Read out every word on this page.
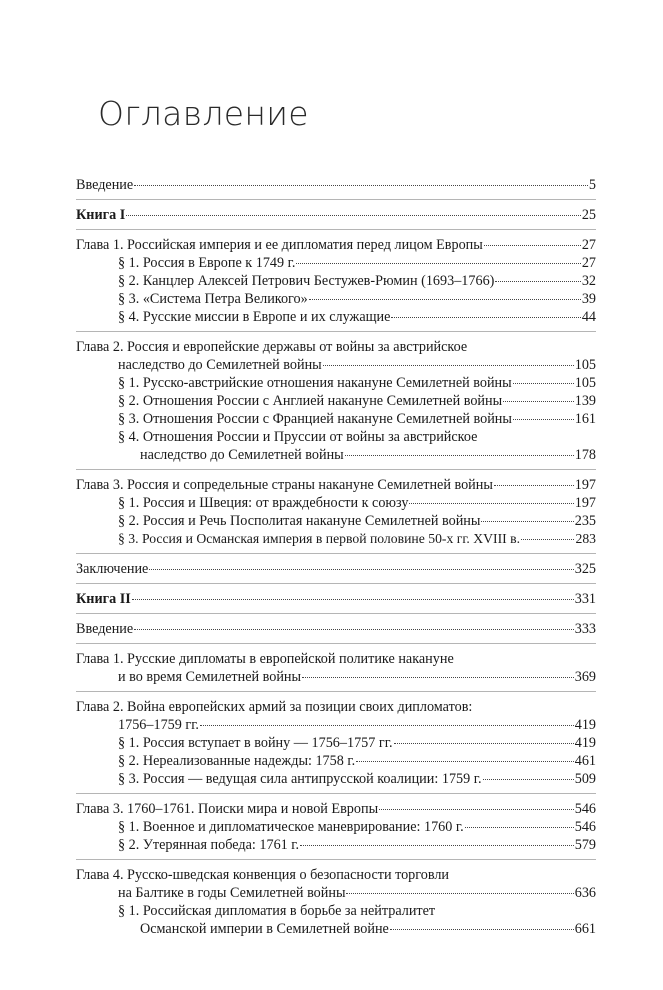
Оглавление
Введение	5
Книга I	25
Глава 1. Российская империя и ее дипломатия перед лицом Европы	27
§ 1. Россия в Европе к 1749 г.	27
§ 2. Канцлер Алексей Петрович Бестужев-Рюмин (1693–1766)	32
§ 3. «Система Петра Великого»	39
§ 4. Русские миссии в Европе и их служащие	44
Глава 2. Россия и европейские державы от войны за австрийское
наследство до Семилетней войны	105
§ 1. Русско-австрийские отношения накануне Семилетней войны	105
§ 2. Отношения России с Англией накануне Семилетней войны	139
§ 3. Отношения России с Францией накануне Семилетней войны	161
§ 4. Отношения России и Пруссии от войны за австрийское
наследство до Семилетней войны	178
Глава 3. Россия и сопредельные страны накануне Семилетней войны	197
§ 1. Россия и Швеция: от враждебности к союзу	197
§ 2. Россия и Речь Посполитая накануне Семилетней войны	235
§ 3. Россия и Османская империя в первой половине 50-х гг. XVIII в.	283
Заключение	325
Книга II	331
Введение	333
Глава 1. Русские дипломаты в европейской политике накануне
и во время Семилетней войны	369
Глава 2. Война европейских армий за позиции своих дипломатов:
1756–1759 гг.	419
§ 1. Россия вступает в войну — 1756–1757 гг.	419
§ 2. Нереализованные надежды: 1758 г.	461
§ 3. Россия — ведущая сила антипрусской коалиции: 1759 г.	509
Глава 3. 1760–1761. Поиски мира и новой Европы	546
§ 1. Военное и дипломатическое маневрирование: 1760 г.	546
§ 2. Утерянная победа: 1761 г.	579
Глава 4. Русско-шведская конвенция о безопасности торговли
на Балтике в годы Семилетней войны	636
§ 1. Российская дипломатия в борьбе за нейтралитет
Османской империи в Семилетней войне	661
